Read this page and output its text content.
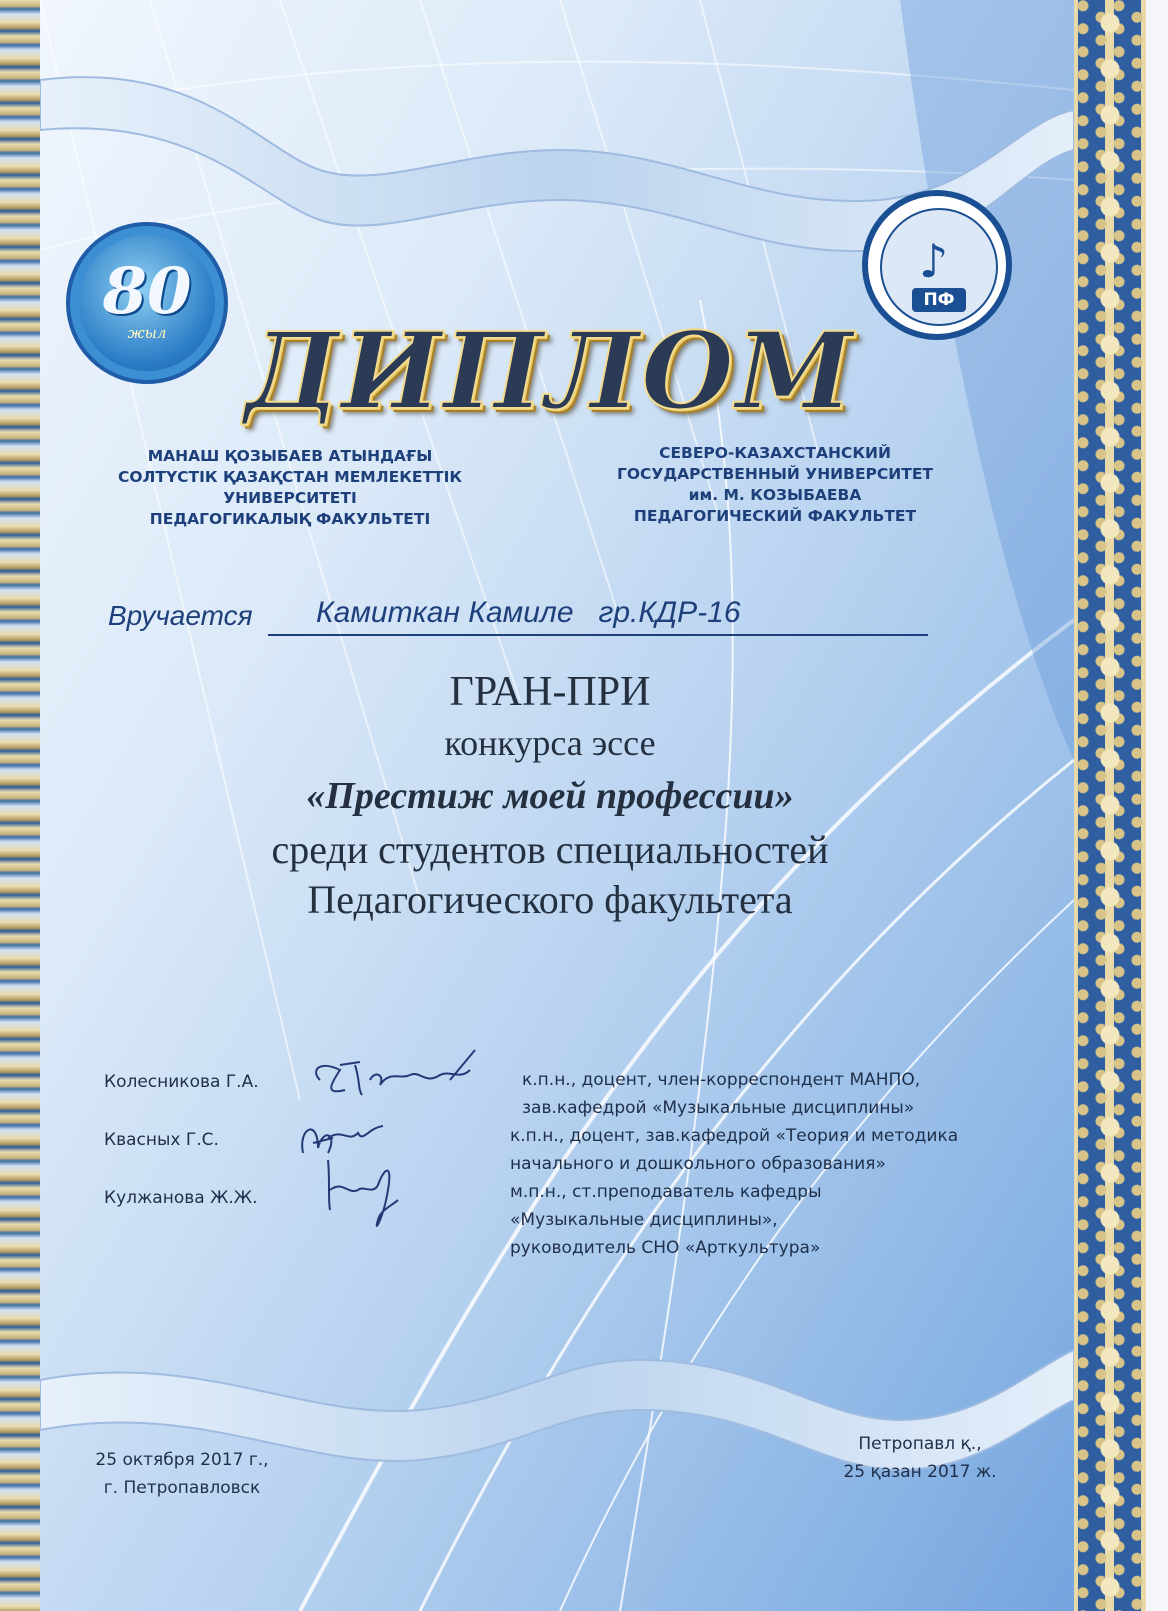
80
жыл
♪
ПФ
ДИПЛОМ
МАНАШ ҚОЗЫБАЕВ АТЫНДАҒЫ
СОЛТҮСТІК ҚАЗАҚСТАН МЕМЛЕКЕТТІК
УНИВЕРСИТЕТІ
ПЕДАГОГИКАЛЫҚ ФАКУЛЬТЕТІ
СЕВЕРО-КАЗАХСТАНСКИЙ
ГОСУДАРСТВЕННЫЙ УНИВЕРСИТЕТ
им. М. КОЗЫБАЕВА
ПЕДАГОГИЧЕСКИЙ ФАКУЛЬТЕТ
Вручается Камиткан Камиле   гр.КДР-16
ГРАН-ПРИ
конкурса эссе
«Престиж моей профессии»
среди студентов специальностей
Педагогического факультета
Колесникова Г.А.
Квасных Г.С.
Кулжанова Ж.Ж.
к.п.н., доцент, член-корреспондент МАНПО,
зав.кафедрой «Музыкальные дисциплины»
к.п.н., доцент, зав.кафедрой «Теория и методика
начального и дошкольного образования»
м.п.н., ст.преподаватель кафедры
«Музыкальные дисциплины»,
руководитель СНО «Арткультура»
25 октября 2017 г.,
г. Петропавловск
Петропавл қ.,
25 қазан 2017 ж.
